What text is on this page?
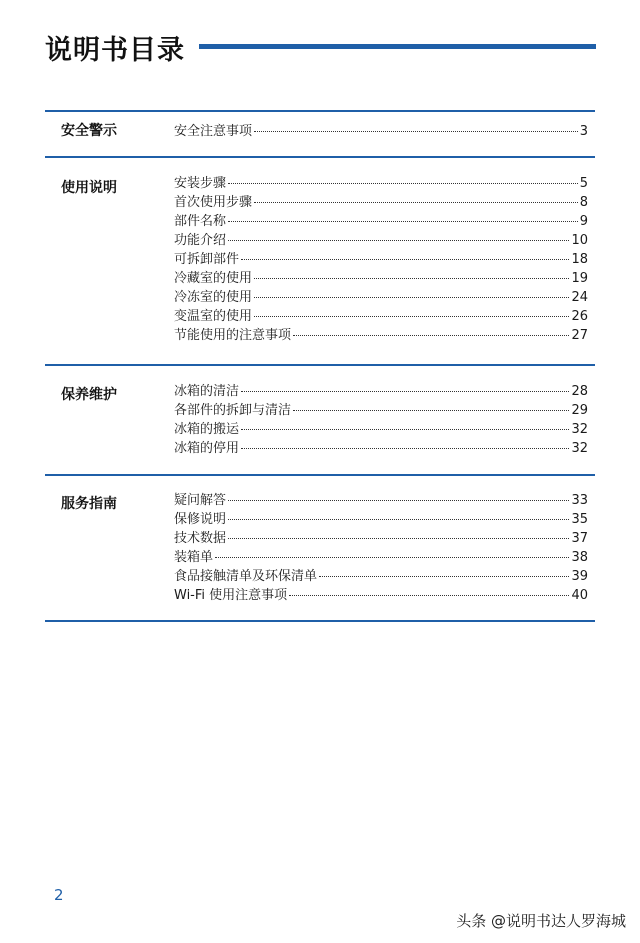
说明书目录
安全警示	安全注意事项	3
使用说明	安装步骤	5
首次使用步骤	8
部件名称	9
功能介绍	10
可拆卸部件	18
冷藏室的使用	19
冷冻室的使用	24
变温室的使用	26
节能使用的注意事项	27
保养维护	冰箱的清洁	28
各部件的拆卸与清洁	29
冰箱的搬运	32
冰箱的停用	32
服务指南	疑问解答	33
保修说明	35
技术数据	37
装箱单	38
食品接触清单及环保清单	39
Wi-Fi 使用注意事项	40
2
头条 @说明书达人罗海城
